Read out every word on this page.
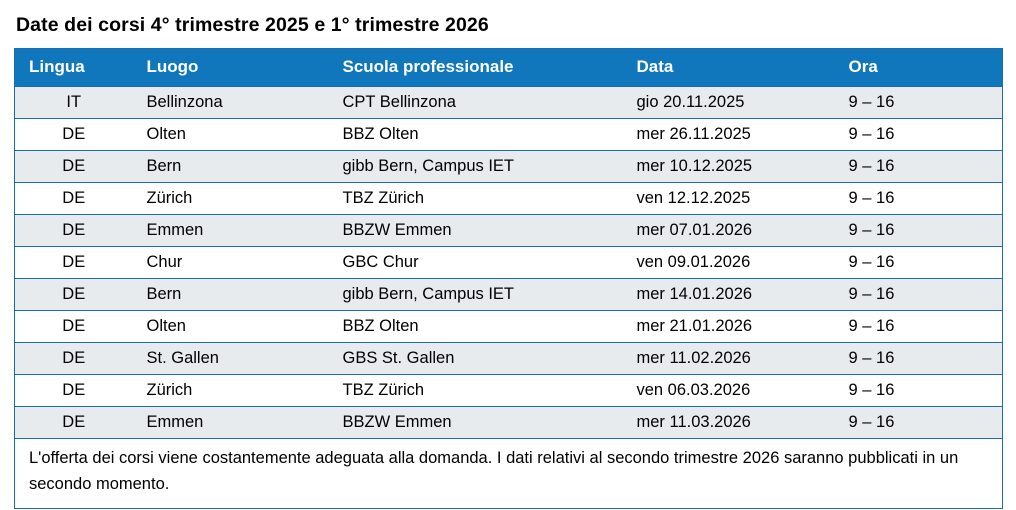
Date dei corsi 4° trimestre 2025 e 1° trimestre 2026
Lingua	Luogo	Scuola professionale	Data	Ora
IT	Bellinzona	CPT Bellinzona	gio 20.11.2025	9 – 16
DE	Olten	BBZ Olten	mer 26.11.2025	9 – 16
DE	Bern	gibb Bern, Campus IET	mer 10.12.2025	9 – 16
DE	Zürich	TBZ Zürich	ven 12.12.2025	9 – 16
DE	Emmen	BBZW Emmen	mer 07.01.2026	9 – 16
DE	Chur	GBC Chur	ven 09.01.2026	9 – 16
DE	Bern	gibb Bern, Campus IET	mer 14.01.2026	9 – 16
DE	Olten	BBZ Olten	mer 21.01.2026	9 – 16
DE	St. Gallen	GBS St. Gallen	mer 11.02.2026	9 – 16
DE	Zürich	TBZ Zürich	ven 06.03.2026	9 – 16
DE	Emmen	BBZW Emmen	mer 11.03.2026	9 – 16
L'offerta dei corsi viene costantemente adeguata alla domanda. I dati relativi al secondo trimestre 2026 saranno pubblicati in un secondo momento.				
